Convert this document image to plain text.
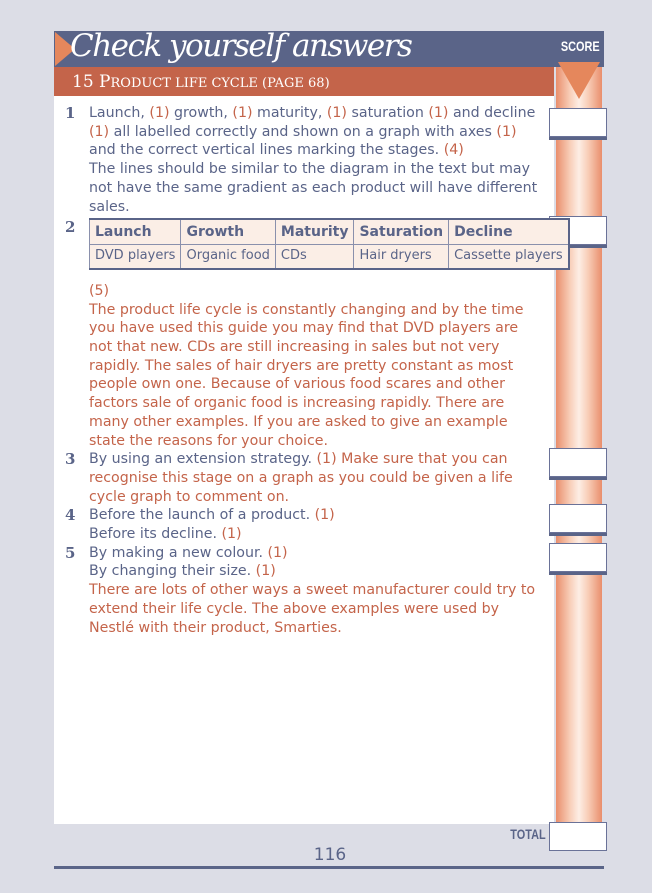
Check yourself answers	SCORE
15 PRODUCT LIFE CYCLE (PAGE 68)
TOTAL
116
1 Launch, (1) growth, (1) maturity, (1) saturation (1) and decline (1) all labelled correctly and shown on a graph with axes (1) and the correct vertical lines marking the stages. (4)
The lines should be similar to the diagram in the text but may not have the same gradient as each product will have different sales.
2 Launch	Growth	Maturity	Saturation	Decline
DVD players	Organic food	CDs	Hair dryers	Cassette players
(5)
The product life cycle is constantly changing and by the time you have used this guide you may find that DVD players are not that new. CDs are still increasing in sales but not very rapidly. The sales of hair dryers are pretty constant as most people own one. Because of various food scares and other factors sale of organic food is increasing rapidly. There are many other examples. If you are asked to give an example state the reasons for your choice.
3 By using an extension strategy. (1) Make sure that you can recognise this stage on a graph as you could be given a life cycle graph to comment on.
4 Before the launch of a product. (1)
Before its decline. (1)
5 By making a new colour. (1)
By changing their size. (1)
There are lots of other ways a sweet manufacturer could try to extend their life cycle. The above examples were used by Nestlé with their product, Smarties.
